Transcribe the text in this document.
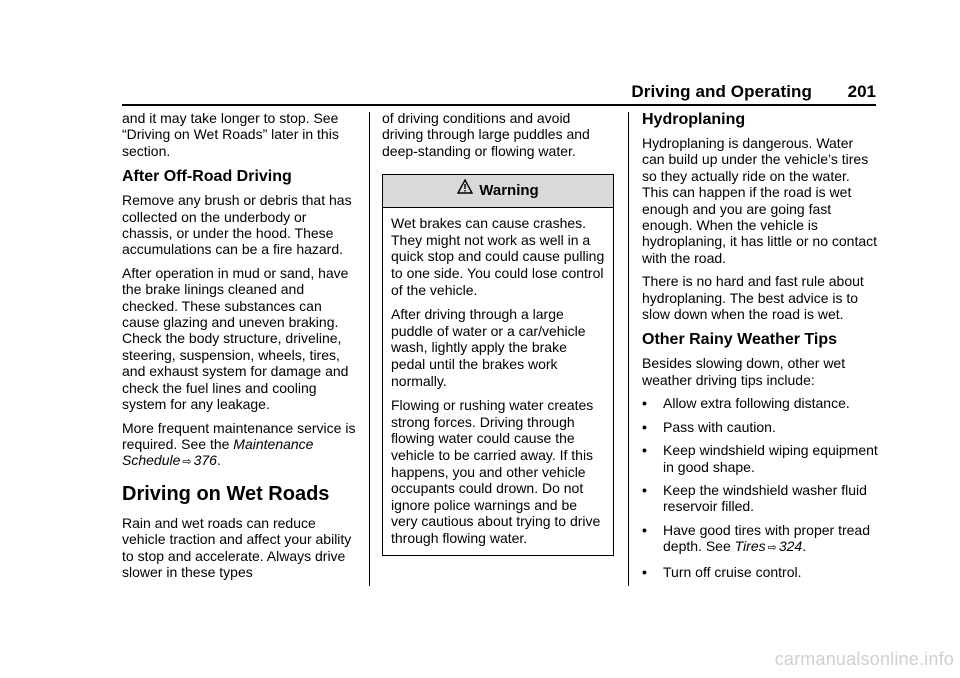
Driving and Operating 201

and it may take longer to stop. See
“Driving on Wet Roads” later in this
section.

After Off-Road Driving

Remove any brush or debris that has collected on the underbody or chassis, or under the hood. These accumulations can be a fire hazard.

After operation in mud or sand, have the brake linings cleaned and checked. These substances can cause glazing and uneven braking. Check the body structure, driveline, steering, suspension, wheels, tires, and exhaust system for damage and check the fuel lines and cooling system for any leakage.

More frequent maintenance service is required. See the Maintenance Schedule ⇨ 376.

Driving on Wet Roads

Rain and wet roads can reduce vehicle traction and affect your ability to stop and accelerate. Always drive slower in these types

of driving conditions and avoid driving through large puddles and deep-standing or flowing water.

Warning

Wet brakes can cause crashes. They might not work as well in a quick stop and could cause pulling to one side. You could lose control of the vehicle.

After driving through a large puddle of water or a car/vehicle wash, lightly apply the brake pedal until the brakes work normally.

Flowing or rushing water creates strong forces. Driving through flowing water could cause the vehicle to be carried away. If this happens, you and other vehicle occupants could drown. Do not ignore police warnings and be very cautious about trying to drive through flowing water.

Hydroplaning

Hydroplaning is dangerous. Water can build up under the vehicle’s tires so they actually ride on the water. This can happen if the road is wet enough and you are going fast enough. When the vehicle is hydroplaning, it has little or no contact with the road.

There is no hard and fast rule about hydroplaning. The best advice is to slow down when the road is wet.

Other Rainy Weather Tips

Besides slowing down, other wet weather driving tips include:

• Allow extra following distance.
• Pass with caution.
• Keep windshield wiping equipment in good shape.
• Keep the windshield washer fluid reservoir filled.
• Have good tires with proper tread depth. See Tires ⇨ 324.
• Turn off cruise control.
carmanualsonline.info
